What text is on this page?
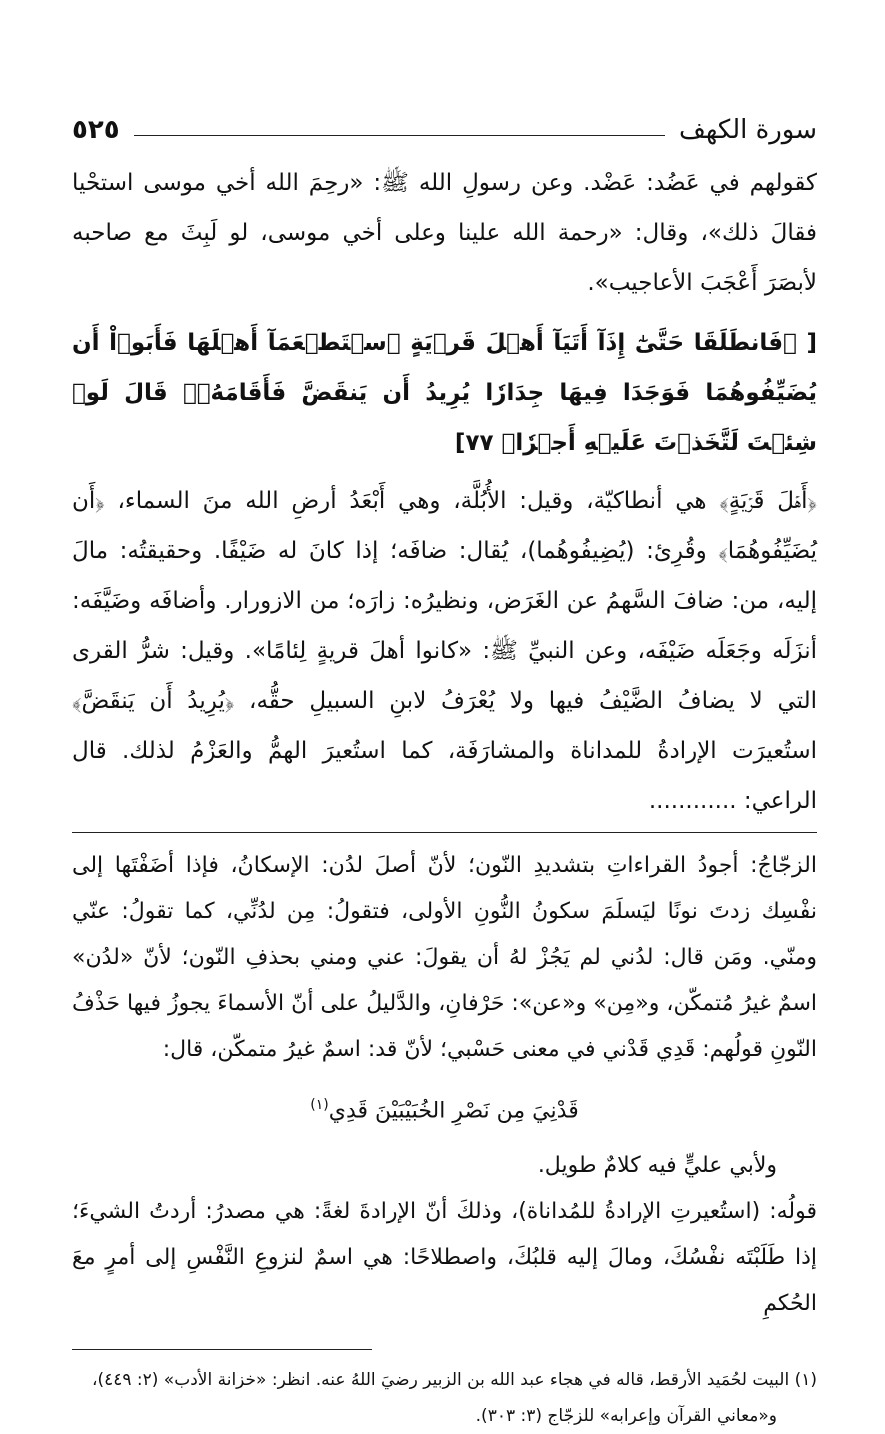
سورة الكهف
٥٢٥

كقولهم في عَضُد: عَضْد. وعن رسولِ الله ﷺ: «رحِمَ الله أخي موسى استحْيا فقالَ ذلك»، وقال: «رحمة الله علينا وعلى أخي موسى، لو لَبِثَ مع صاحبه لأبصَرَ أَعْجَبَ الأعاجيب».

[ ﴿فَانطَلَقَا حَتَّىٰٓ إِذَآ أَتَيَآ أَهۡلَ قَرۡيَةٍ ٱسۡتَطۡعَمَآ أَهۡلَهَا فَأَبَوۡاْ أَن يُضَيِّفُوهُمَا فَوَجَدَا فِيهَا جِدَارٗا يُرِيدُ أَن يَنقَضَّ فَأَقَامَهُۥۖ قَالَ لَوۡ شِئۡتَ لَتَّخَذۡتَ عَلَيۡهِ أَجۡرٗا﴾ ٧٧]

﴿أَهۡلَ قَرۡيَةٍ﴾ هي أنطاكيّة، وقيل: الأُبُلَّة، وهي أَبْعَدُ أرضِ الله منَ السماء، ﴿أَن يُضَيِّفُوهُمَا﴾ وقُرِئ: (يُضِيفُوهُما)، يُقال: ضافَه؛ إذا كانَ له ضَيْفًا. وحقيقتُه: مالَ إليه، من: ضافَ السَّهمُ عن الغَرَض، ونظيرُه: زارَه؛ من الازورار. وأضافَه وضَيَّفَه: أنزَلَه وجَعَلَه ضَيْفَه، وعن النبيِّ ﷺ: «كانوا أهلَ قريةٍ لِئامًا». وقيل: شرُّ القرى التي لا يضافُ الضَّيْفُ فيها ولا يُعْرَفُ لابنِ السبيلِ حقُّه، ﴿يُرِيدُ أَن يَنقَضَّ﴾ استُعيرَت الإرادةُ للمداناة والمشارَفَة، كما استُعيرَ الهمُّ والعَزْمُ لذلك. قال الراعي: ............

الزجّاجُ: أجودُ القراءاتِ بتشديدِ النّون؛ لأنّ أصلَ لدُن: الإسكانُ، فإذا أضَفْتَها إلى نفْسِك زدتَ نونًا ليَسلَمَ سكونُ النُّونِ الأولى، فتقولُ: مِن لدُنِّي، كما تقولُ: عنّي ومنّي. ومَن قال: لدُني لم يَجُزْ لهُ أن يقولَ: عني ومني بحذفِ النّون؛ لأنّ «لدُن» اسمٌ غيرُ مُتمكّن، و«مِن» و«عن»: حَرْفانِ، والدَّليلُ على أنّ الأسماءَ يجوزُ فيها حَذْفُ النّونِ قولُهم: قَدِي قَدْني في معنى حَسْبي؛ لأنّ قد: اسمٌ غيرُ متمكّن، قال:

قَدْنِيَ مِن نَصْرِ الخُبَيْبَيْنَ قَدِي$^{(١)}$

ولأبي عليٍّ فيه كلامٌ طويل.

قولُه: (استُعيرتِ الإرادةُ للمُداناة)، وذلكَ أنّ الإرادةَ لغةً: هي مصدرُ: أردتُ الشيءَ؛ إذا طَلَبْتَه نفْسُكَ، ومالَ إليه قلبُكَ، واصطلاحًا: هي اسمٌ لنزوعِ النَّفْسِ إلى أمرٍ معَ الحُكمِ

(١) البيت لحُمَيد الأرقط، قاله في هجاء عبد الله بن الزبير رضيَ اللهُ عنه. انظر: «خزانة الأدب» (٢: ٤٤٩)،

و«معاني القرآن وإعرابه» للزجّاج (٣: ٣٠٣).
